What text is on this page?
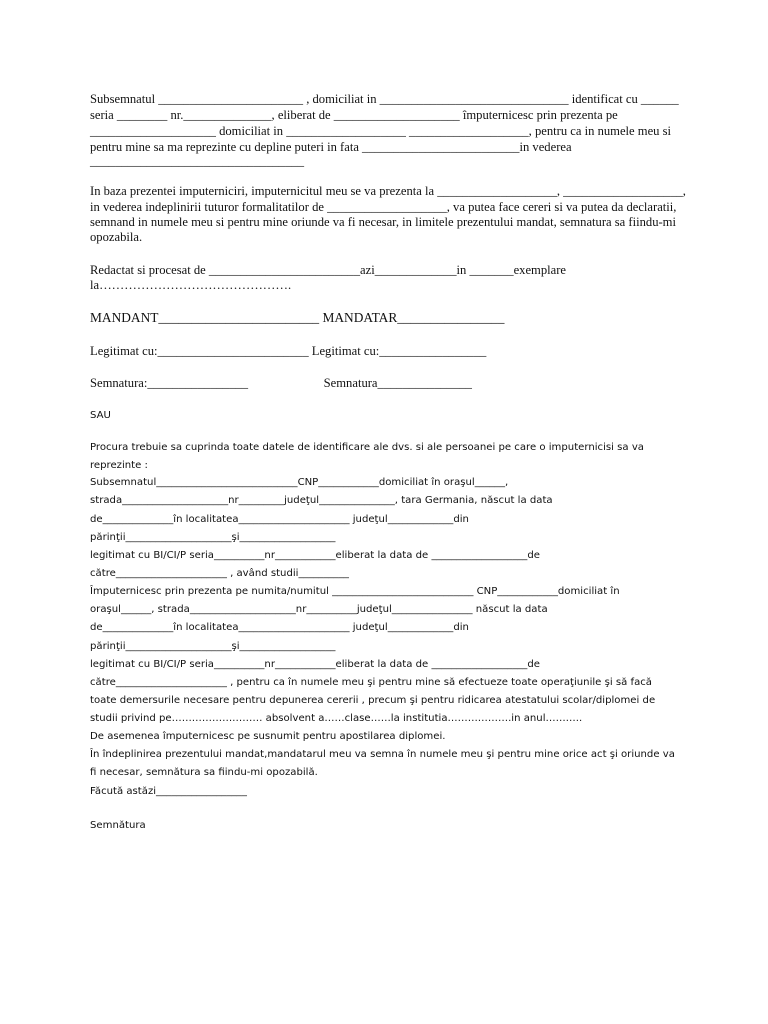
Subsemnatul _______________________ , domiciliat in ______________________________ identificat cu ______
seria ________ nr.______________, eliberat de ____________________ împuternicesc prin prezenta pe
____________________ domiciliat in ___________________ ___________________, pentru ca in numele meu si
pentru mine sa ma reprezinte cu depline puteri in fata _________________________in vederea
__________________________________
In baza prezentei imputerniciri, imputernicitul meu se va prezenta la ___________________, ___________________,
in vederea indeplinirii tuturor formalitatilor de ___________________, va putea face cereri si va putea da declaratii,
semnand in numele meu si pentru mine oriunde va fi necesar, in limitele prezentului mandat, semnatura sa fiindu-mi
opozabila.
Redactat si procesat de ________________________azi_____________in _______exemplare
la……………………………………….
MANDANT________________________ MANDATAR________________
Legitimat cu:________________________ Legitimat cu:_________________
Semnatura:________________                        Semnatura_______________
SAU
Procura trebuie sa cuprinda toate datele de identificare ale dvs. si ale persoanei pe care o imputernicisi sa va
reprezinte :
Subsemnatul____________________________CNP____________domiciliat în oraşul______,
strada_____________________nr_________judeţul_______________, tara Germania, născut la data
de______________în localitatea______________________ judeţul_____________din
părinţii_____________________şi___________________
legitimat cu BI/CI/P seria__________nr____________eliberat la data de ___________________de
către______________________ , având studii__________
Împuternicesc prin prezenta pe numita/numitul ____________________________ CNP____________domiciliat în
oraşul______, strada_____________________nr__________judeţul________________ născut la data
de______________în localitatea______________________ judeţul_____________din
părinţii_____________________şi___________________
legitimat cu BI/CI/P seria__________nr____________eliberat la data de ___________________de
către______________________ , pentru ca în numele meu şi pentru mine să efectueze toate operaţiunile şi să facă
toate demersurile necesare pentru depunerea cererii , precum şi pentru ridicarea atestatului scolar/diplomei de
studii privind pe……………………… absolvent a……clase……la institutia……………….in anul………..
De asemenea împuternicesc pe susnumit pentru apostilarea diplomei.
În îndeplinirea prezentului mandat,mandatarul meu va semna în numele meu şi pentru mine orice act şi oriunde va
fi necesar, semnătura sa fiindu-mi opozabilă.
Făcută astăzi__________________
Semnătura
